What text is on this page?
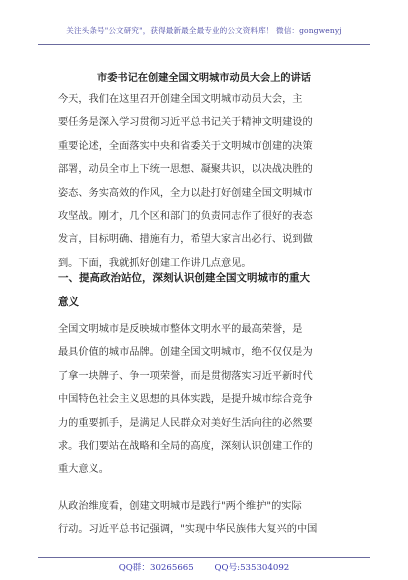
关注头条号"公文研究"，获得最新最全最专业的公文资料库！ 微信：gongwenyj
市委书记在创建全国文明城市动员大会上的讲话
今天，我们在这里召开创建全国文明城市动员大会，主
要任务是深入学习贯彻习近平总书记关于精神文明建设的
重要论述，全面落实中央和省委关于文明城市创建的决策
部署，动员全市上下统一思想、凝聚共识，以决战决胜的
姿态、务实高效的作风，全力以赴打好创建全国文明城市
攻坚战。刚才，几个区和部门的负责同志作了很好的表态
发言，目标明确、措施有力，希望大家言出必行、说到做
到。下面，我就抓好创建工作讲几点意见。
一、提高政治站位，深刻认识创建全国文明城市的重大
意义
全国文明城市是反映城市整体文明水平的最高荣誉，是
最具价值的城市品牌。创建全国文明城市，绝不仅仅是为
了拿一块牌子、争一项荣誉，而是贯彻落实习近平新时代
中国特色社会主义思想的具体实践，是提升城市综合竞争
力的重要抓手，是满足人民群众对美好生活向往的必然要
求。我们要站在战略和全局的高度，深刻认识创建工作的
重大意义。
从政治维度看，创建文明城市是践行"两个维护"的实际
行动。习近平总书记强调，"实现中华民族伟大复兴的中国
QQ群：30265665 QQ号:535304092
